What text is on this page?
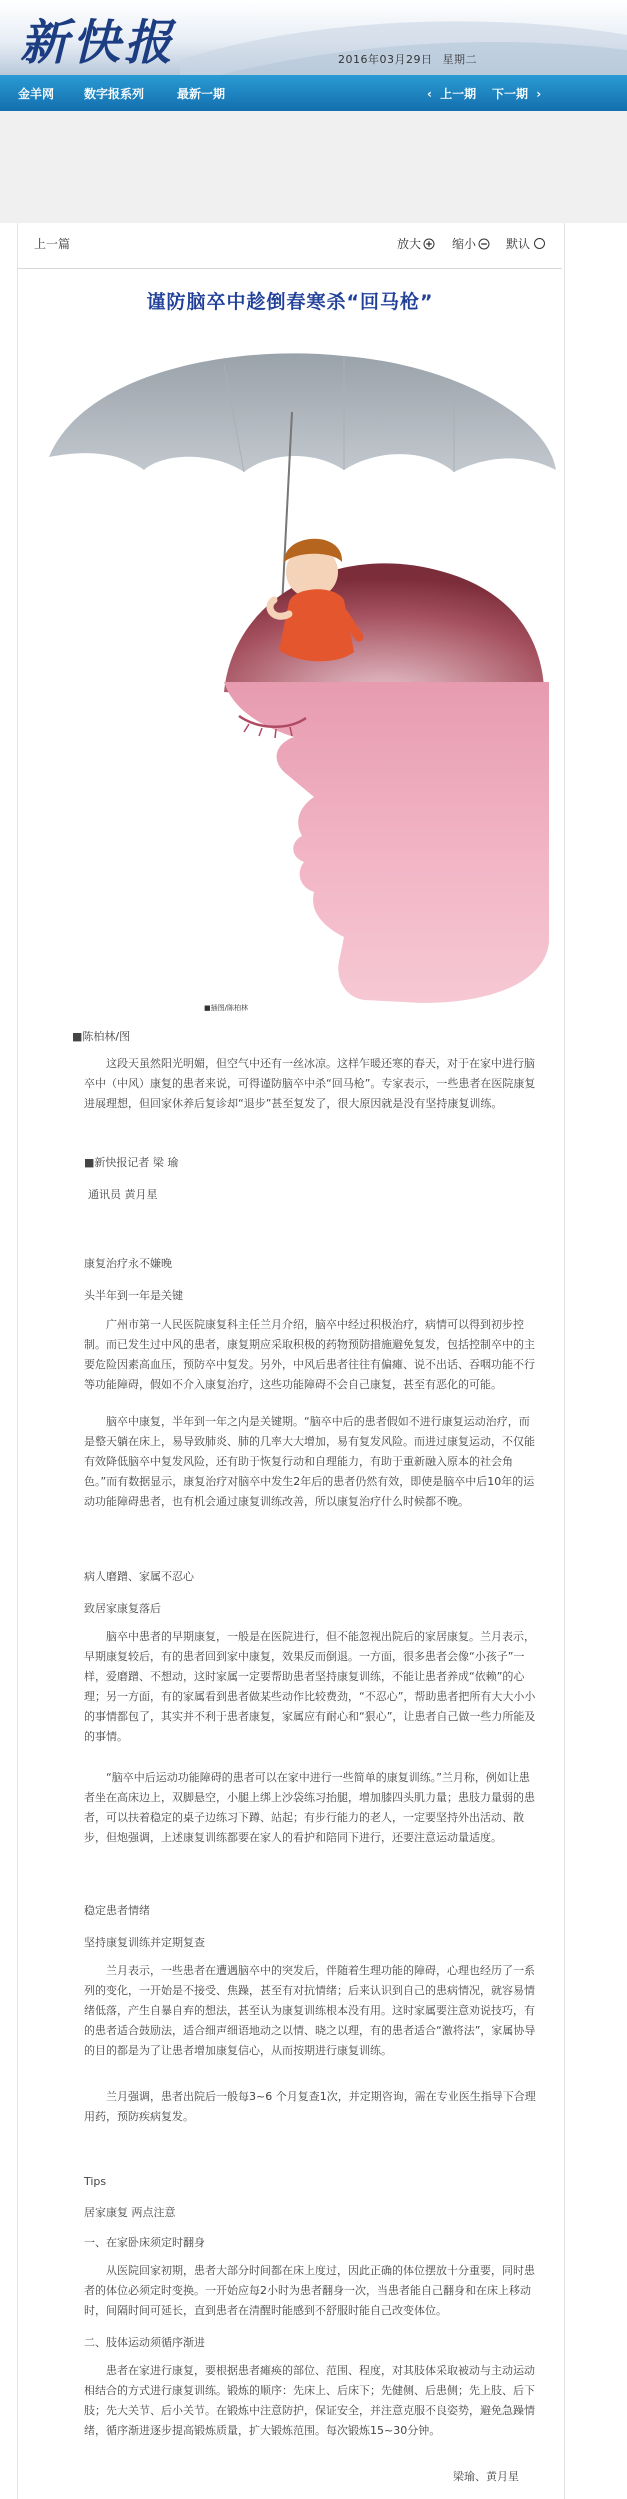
新快报	2016年03月29日 星期二
金羊网 数字报系列	最新一期	‹ 上一期 下一期 ›
上一篇	放大	缩小 默认
谨防脑卒中趁倒春寒杀“回马枪”
■插图/陈柏林

■陈柏林/图

这段天虽然阳光明媚，但空气中还有一丝冰凉。这样乍暖还寒的春天，对于在家中进行脑卒中（中风）康复的患者来说，可得谨防脑卒中杀“回马枪”。专家表示，一些患者在医院康复进展理想，但回家休养后复诊却“退步”甚至复发了，很大原因就是没有坚持康复训练。

■新快报记者 梁 瑜

通讯员 黄月星

康复治疗永不嫌晚

头半年到一年是关键

广州市第一人民医院康复科主任兰月介绍，脑卒中经过积极治疗，病情可以得到初步控制。而已发生过中风的患者，康复期应采取积极的药物预防措施避免复发，包括控制卒中的主要危险因素高血压，预防卒中复发。另外，中风后患者往往有偏瘫、说不出话、吞咽功能不行等功能障碍，假如不介入康复治疗，这些功能障碍不会自己康复，甚至有恶化的可能。

脑卒中康复，半年到一年之内是关键期。“脑卒中后的患者假如不进行康复运动治疗，而是整天躺在床上，易导致肺炎、肺的几率大大增加，易有复发风险。而进过康复运动，不仅能有效降低脑卒中复发风险，还有助于恢复行动和自理能力，有助于重新融入原本的社会角色。”而有数据显示，康复治疗对脑卒中发生2年后的患者仍然有效，即使是脑卒中后10年的运动功能障碍患者，也有机会通过康复训练改善，所以康复治疗什么时候都不晚。

病人磨蹭、家属不忍心

致居家康复落后

脑卒中患者的早期康复，一般是在医院进行，但不能忽视出院后的家居康复。兰月表示，早期康复较后，有的患者回到家中康复，效果反而倒退。一方面，很多患者会像“小孩子”一样，爱磨蹭、不想动，这时家属一定要帮助患者坚持康复训练，不能让患者养成“依赖”的心理；另一方面，有的家属看到患者做某些动作比较费劲，“不忍心”，帮助患者把所有大大小小的事情都包了，其实并不利于患者康复，家属应有耐心和“狠心”，让患者自己做一些力所能及的事情。

“脑卒中后运动功能障碍的患者可以在家中进行一些简单的康复训练。”兰月称，例如让患者坐在高床边上，双脚悬空，小腿上绑上沙袋练习抬腿，增加膝四头肌力量；患肢力量弱的患者，可以扶着稳定的桌子边练习下蹲、站起；有步行能力的老人，一定要坚持外出活动、散步，但炮强调，上述康复训练都要在家人的看护和陪同下进行，还要注意运动量适度。

稳定患者情绪

坚持康复训练并定期复查

兰月表示，一些患者在遭遇脑卒中的突发后，伴随着生理功能的障碍，心理也经历了一系列的变化，一开始是不接受、焦躁，甚至有对抗情绪；后来认识到自己的患病情况，就容易情绪低落，产生自暴自弃的想法，甚至认为康复训练根本没有用。这时家属要注意劝说技巧，有的患者适合鼓励法，适合细声细语地动之以情、晓之以理，有的患者适合“激将法”，家属协导的目的都是为了让患者增加康复信心，从而按期进行康复训练。

兰月强调，患者出院后一般每3~6 个月复查1次，并定期咨询，需在专业医生指导下合理用药，预防疾病复发。

Tips

居家康复 两点注意

一、在家卧床须定时翻身

从医院回家初期，患者大部分时间都在床上度过，因此正确的体位摆放十分重要，同时患者的体位必须定时变换。一开始应每2小时为患者翻身一次，当患者能自己翻身和在床上移动时，间隔时间可延长，直到患者在清醒时能感到不舒服时能自己改变体位。

二、肢体运动须循序渐进

患者在家进行康复，要根据患者瘫痪的部位、范围、程度，对其肢体采取被动与主动运动相结合的方式进行康复训练。锻炼的顺序：先床上、后床下；先健侧、后患侧；先上肢、后下肢；先大关节、后小关节。在锻炼中注意防护，保证安全，并注意克服不良姿势，避免急躁情绪，循序渐进逐步提高锻炼质量，扩大锻炼范围。每次锻炼15~30分钟。

梁瑜、黄月星
